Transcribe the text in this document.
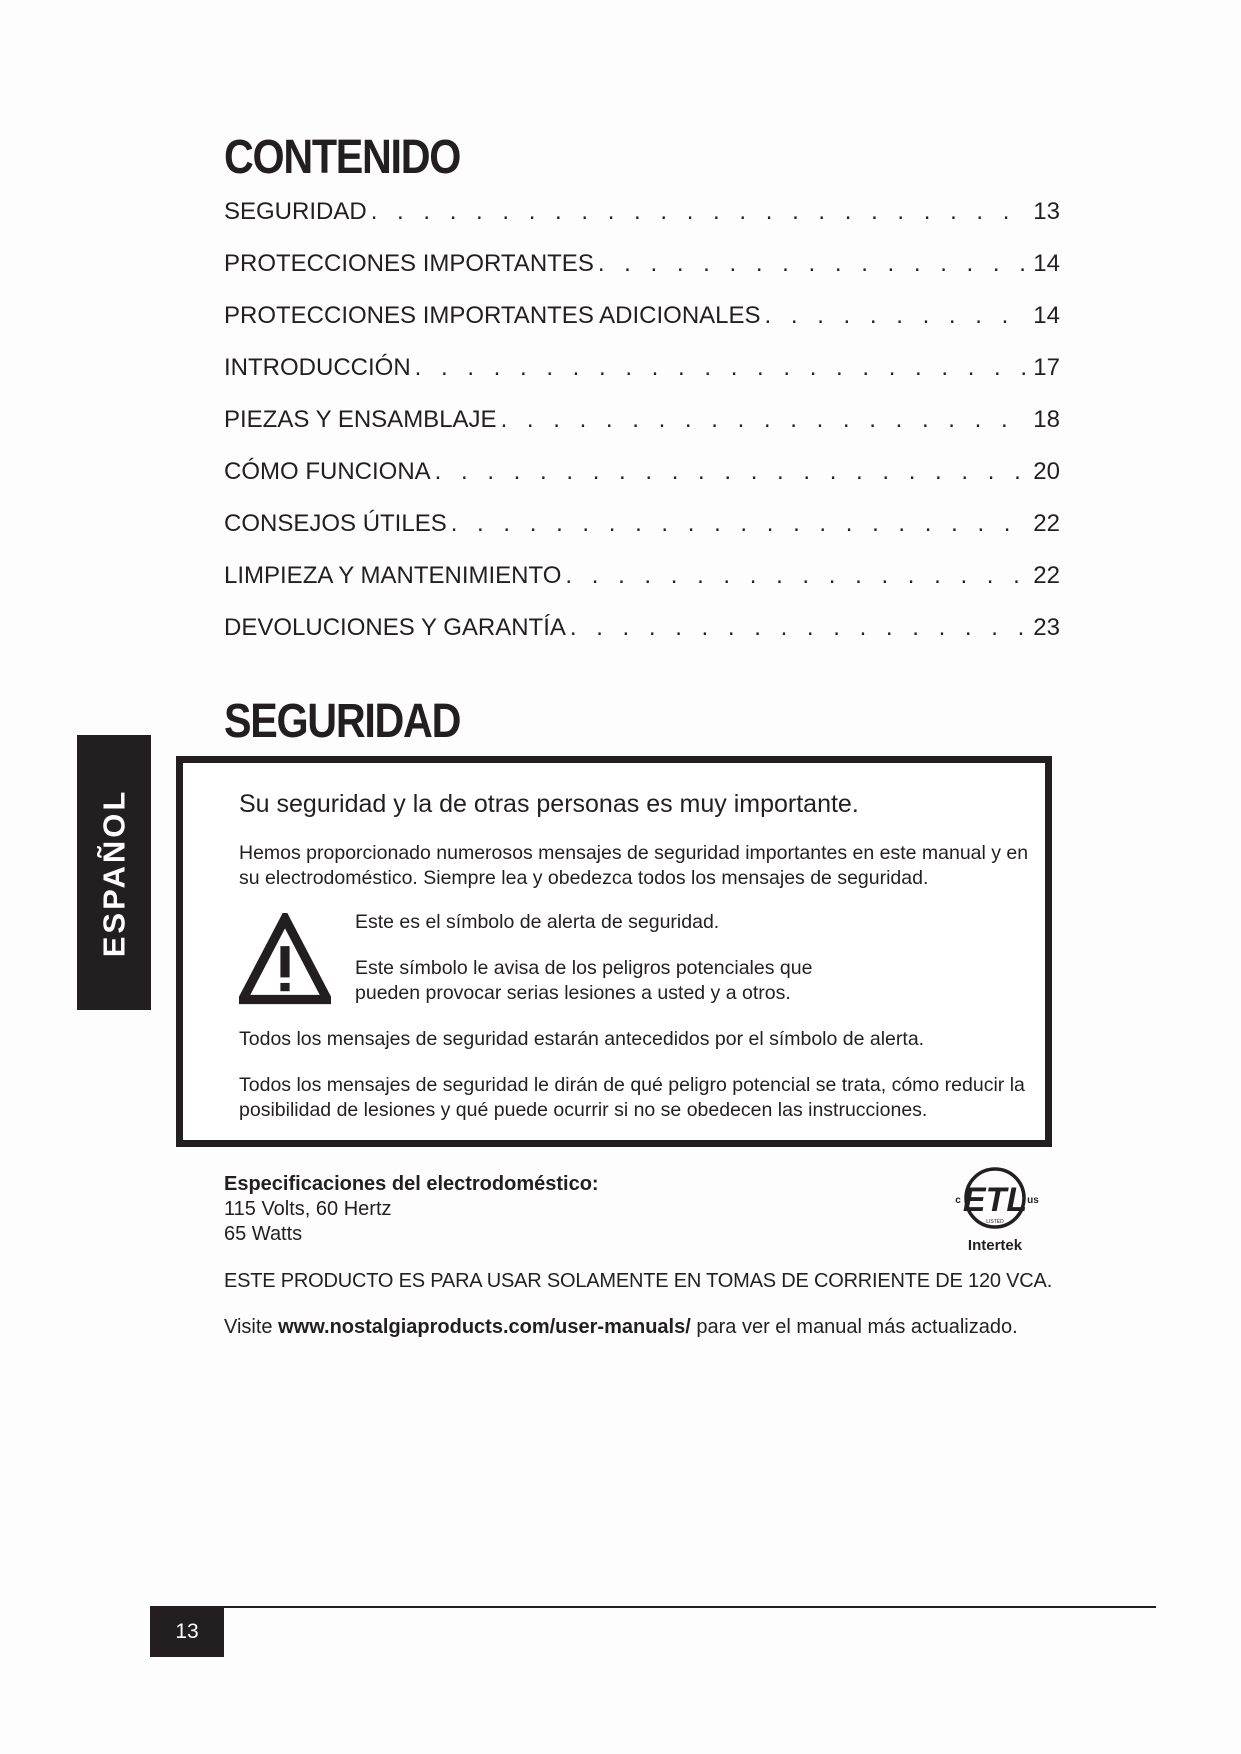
CONTENIDO
SEGURIDAD . . .	13
PROTECCIONES IMPORTANTES . . .	14
PROTECCIONES IMPORTANTES ADICIONALES . . .	14
INTRODUCCIÓN . . .	17
PIEZAS Y ENSAMBLAJE . . .	18
CÓMO FUNCIONA . . .	20
CONSEJOS ÚTILES . . .	22
LIMPIEZA Y MANTENIMIENTO . . .	22
DEVOLUCIONES Y GARANTÍA . . .	23
ESPAÑOL
SEGURIDAD
Su seguridad y la de otras personas es muy importante.

Hemos proporcionado numerosos mensajes de seguridad importantes en este manual y en su electrodoméstico. Siempre lea y obedezca todos los mensajes de seguridad.

Este es el símbolo de alerta de seguridad.

Este símbolo le avisa de los peligros potenciales que pueden provocar serias lesiones a usted y a otros.

Todos los mensajes de seguridad estarán antecedidos por el símbolo de alerta.

Todos los mensajes de seguridad le dirán de qué peligro potencial se trata, cómo reducir la posibilidad de lesiones y qué puede ocurrir si no se obedecen las instrucciones.

Especificaciones del electrodoméstico:
115 Volts, 60 Hertz
65 Watts
ETL
c	us
LISTED
Intertek
ESTE PRODUCTO ES PARA USAR SOLAMENTE EN TOMAS DE CORRIENTE DE 120 VCA.
Visite www.nostalgiaproducts.com/user-manuals/ para ver el manual más actualizado.
13
